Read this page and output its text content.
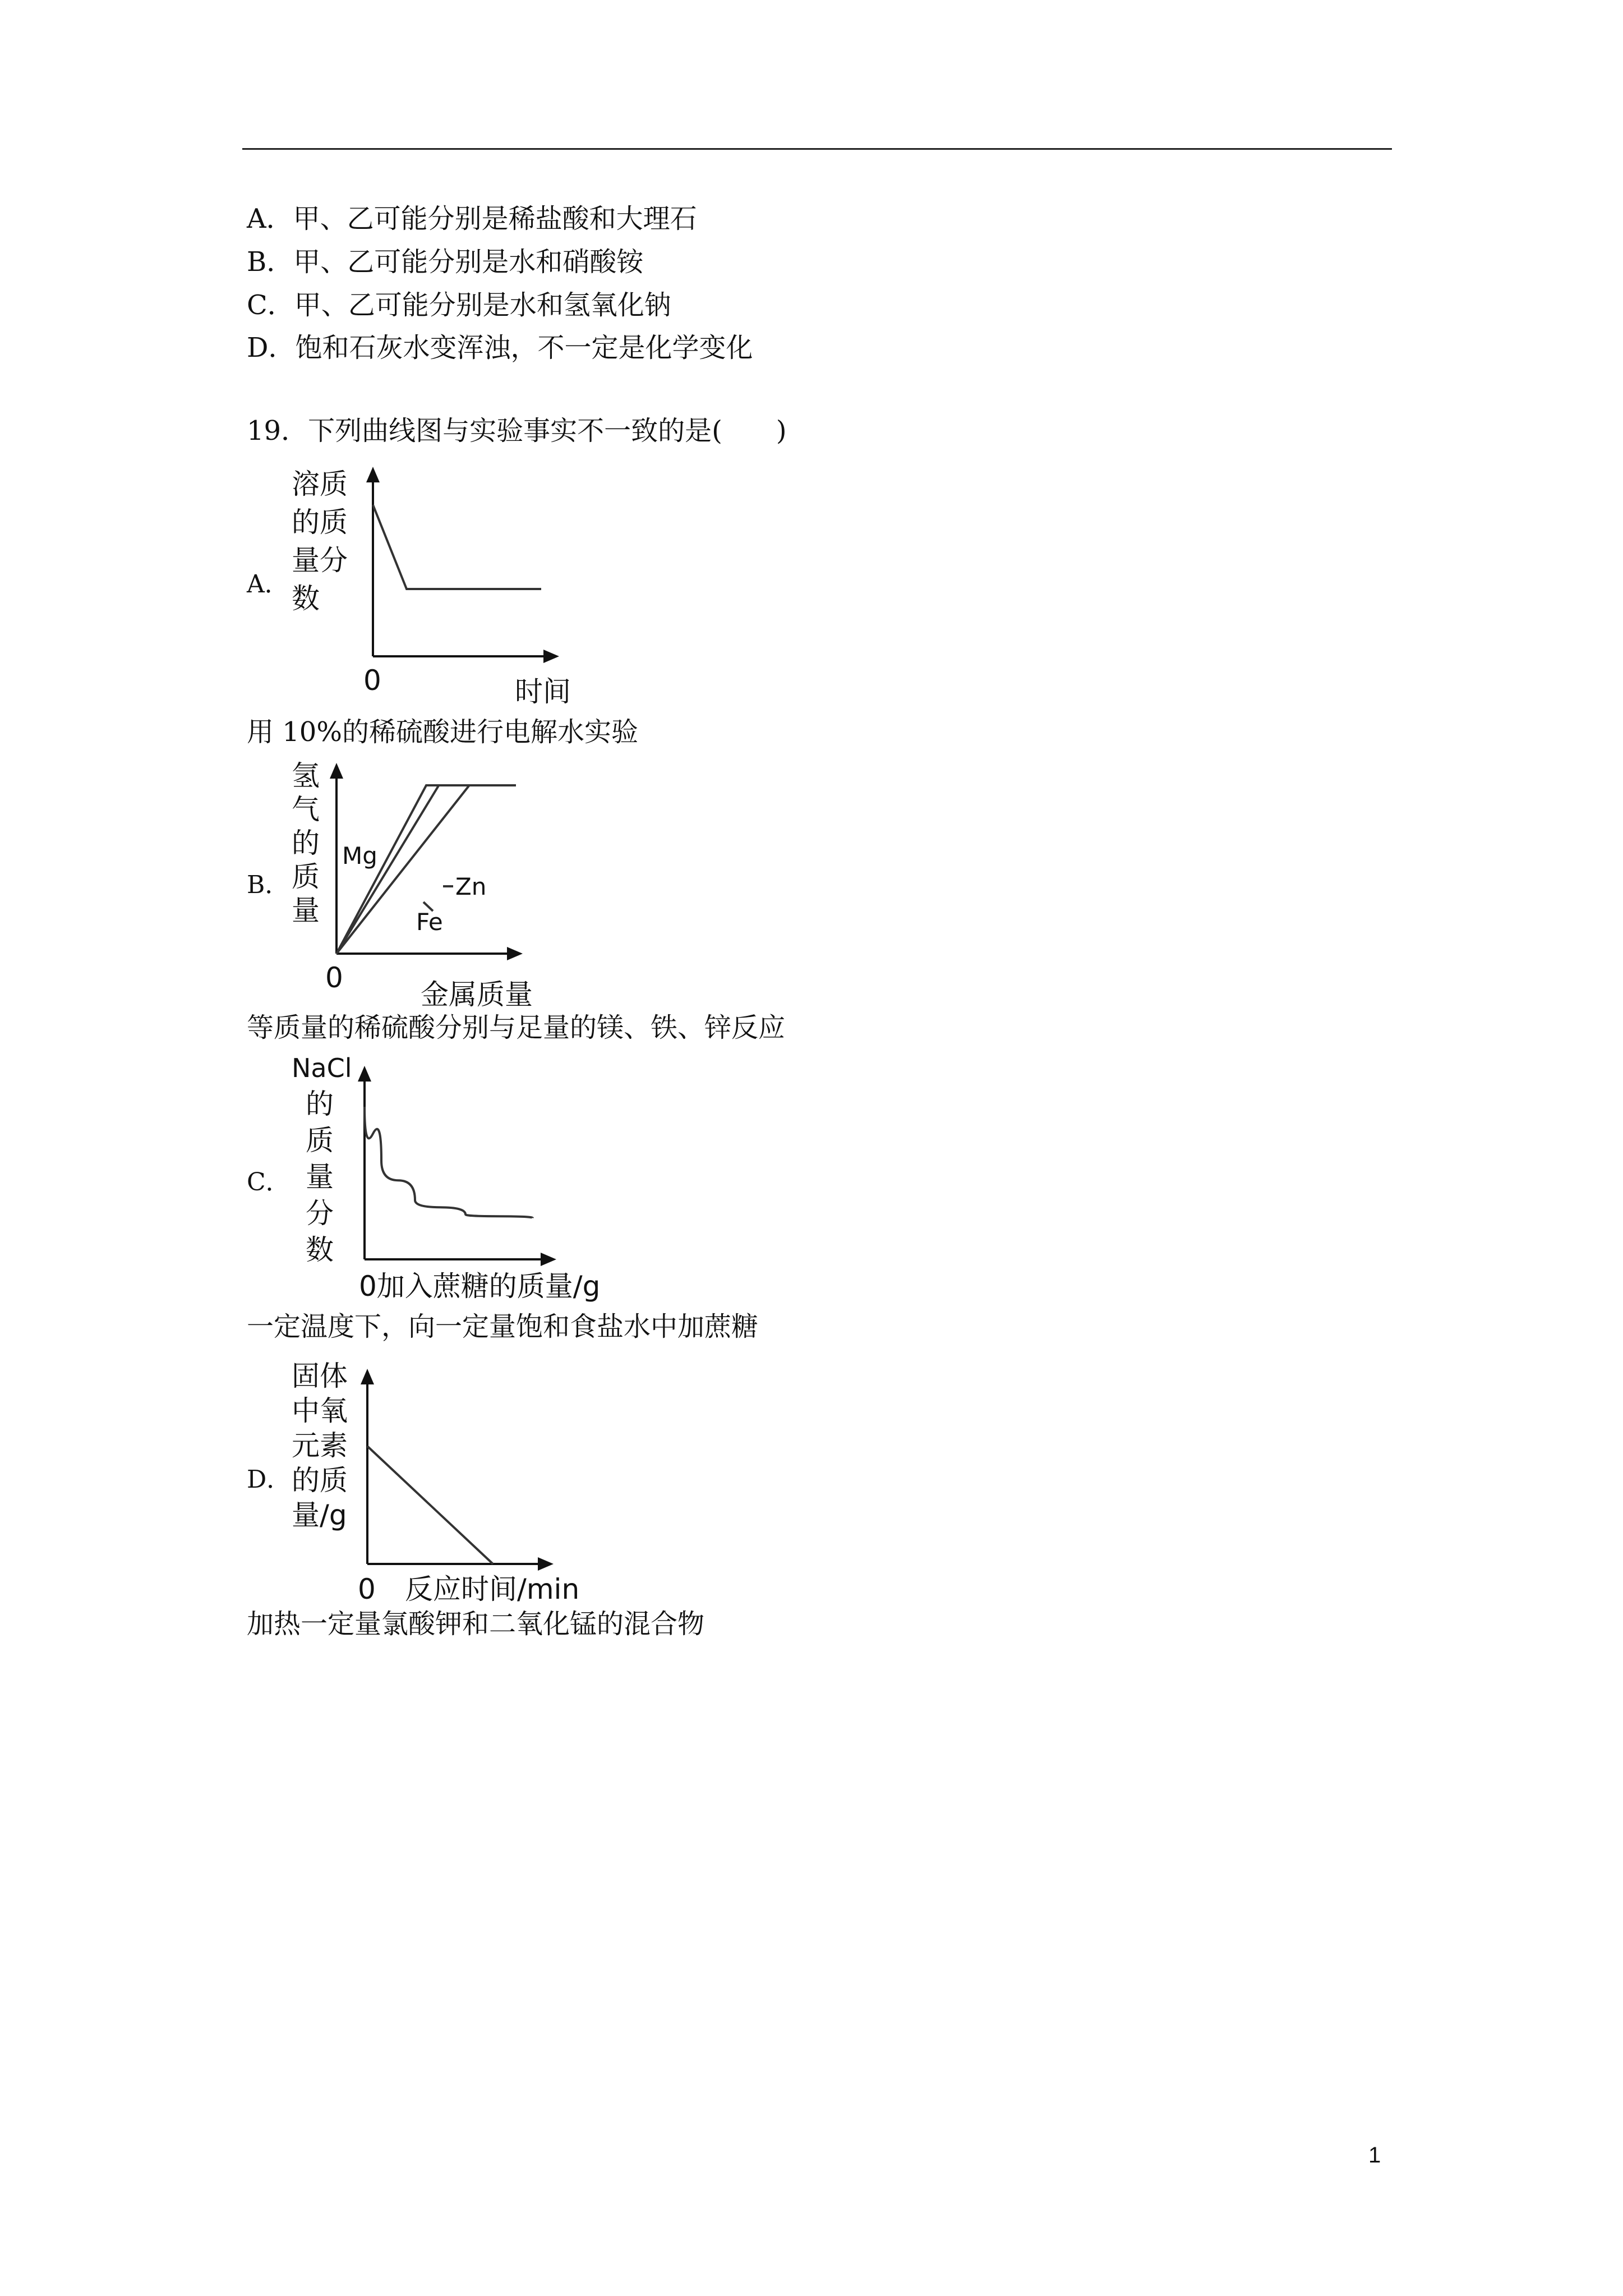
A．甲、乙可能分别是稀盐酸和大理石
B．甲、乙可能分别是水和硝酸铵
C．甲、乙可能分别是水和氢氧化钠
D．饱和石灰水变浑浊，不一定是化学变化
19．下列曲线图与实验事实不一致的是(　　)
A．
溶质
的质
量分
数
0	时间
用 10%的稀硫酸进行电解水实验
B．
氢
气
的
质
量
Mg
Zn
Fe
0
金属质量
等质量的稀硫酸分别与足量的镁、铁、锌反应
C．
NaCl
的
质
量
分
数
0加入蔗糖的质量/g
一定温度下，向一定量饱和食盐水中加蔗糖
D．
固体
中氧
元素
的质
量/g
0 反应时间/min
加热一定量氯酸钾和二氧化锰的混合物
1
